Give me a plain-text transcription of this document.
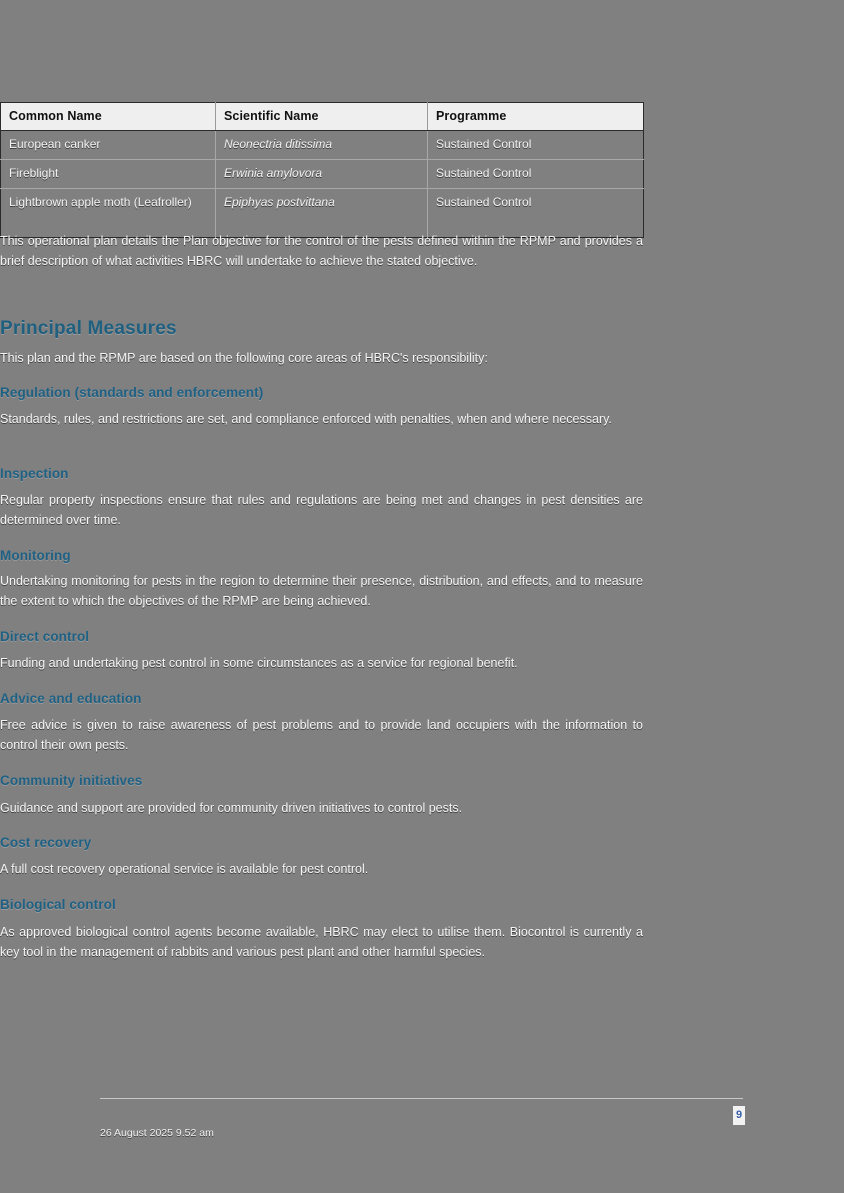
Common Name	Scientific Name	Programme
European canker	Neonectria ditissima	Sustained Control
Fireblight	Erwinia amylovora	Sustained Control
Lightbrown apple moth (Leafroller)	Epiphyas postvittana	Sustained Control

This operational plan details the Plan objective for the control of the pests defined within the RPMP and provides a brief description of what activities HBRC will undertake to achieve the stated objective.

Principal Measures

This plan and the RPMP are based on the following core areas of HBRC's responsibility:

Regulation (standards and enforcement)

Standards, rules, and restrictions are set, and compliance enforced with penalties, when and where necessary.

Inspection

Regular property inspections ensure that rules and regulations are being met and changes in pest densities are determined over time.

Monitoring

Undertaking monitoring for pests in the region to determine their presence, distribution, and effects, and to measure the extent to which the objectives of the RPMP are being achieved.

Direct control

Funding and undertaking pest control in some circumstances as a service for regional benefit.

Advice and education

Free advice is given to raise awareness of pest problems and to provide land occupiers with the information to control their own pests.

Community initiatives

Guidance and support are provided for community driven initiatives to control pests.

Cost recovery

A full cost recovery operational service is available for pest control.

Biological control

As approved biological control agents become available, HBRC may elect to utilise them. Biocontrol is currently a key tool in the management of rabbits and various pest plant and other harmful species.

26 August 2025 9.52 am
9
